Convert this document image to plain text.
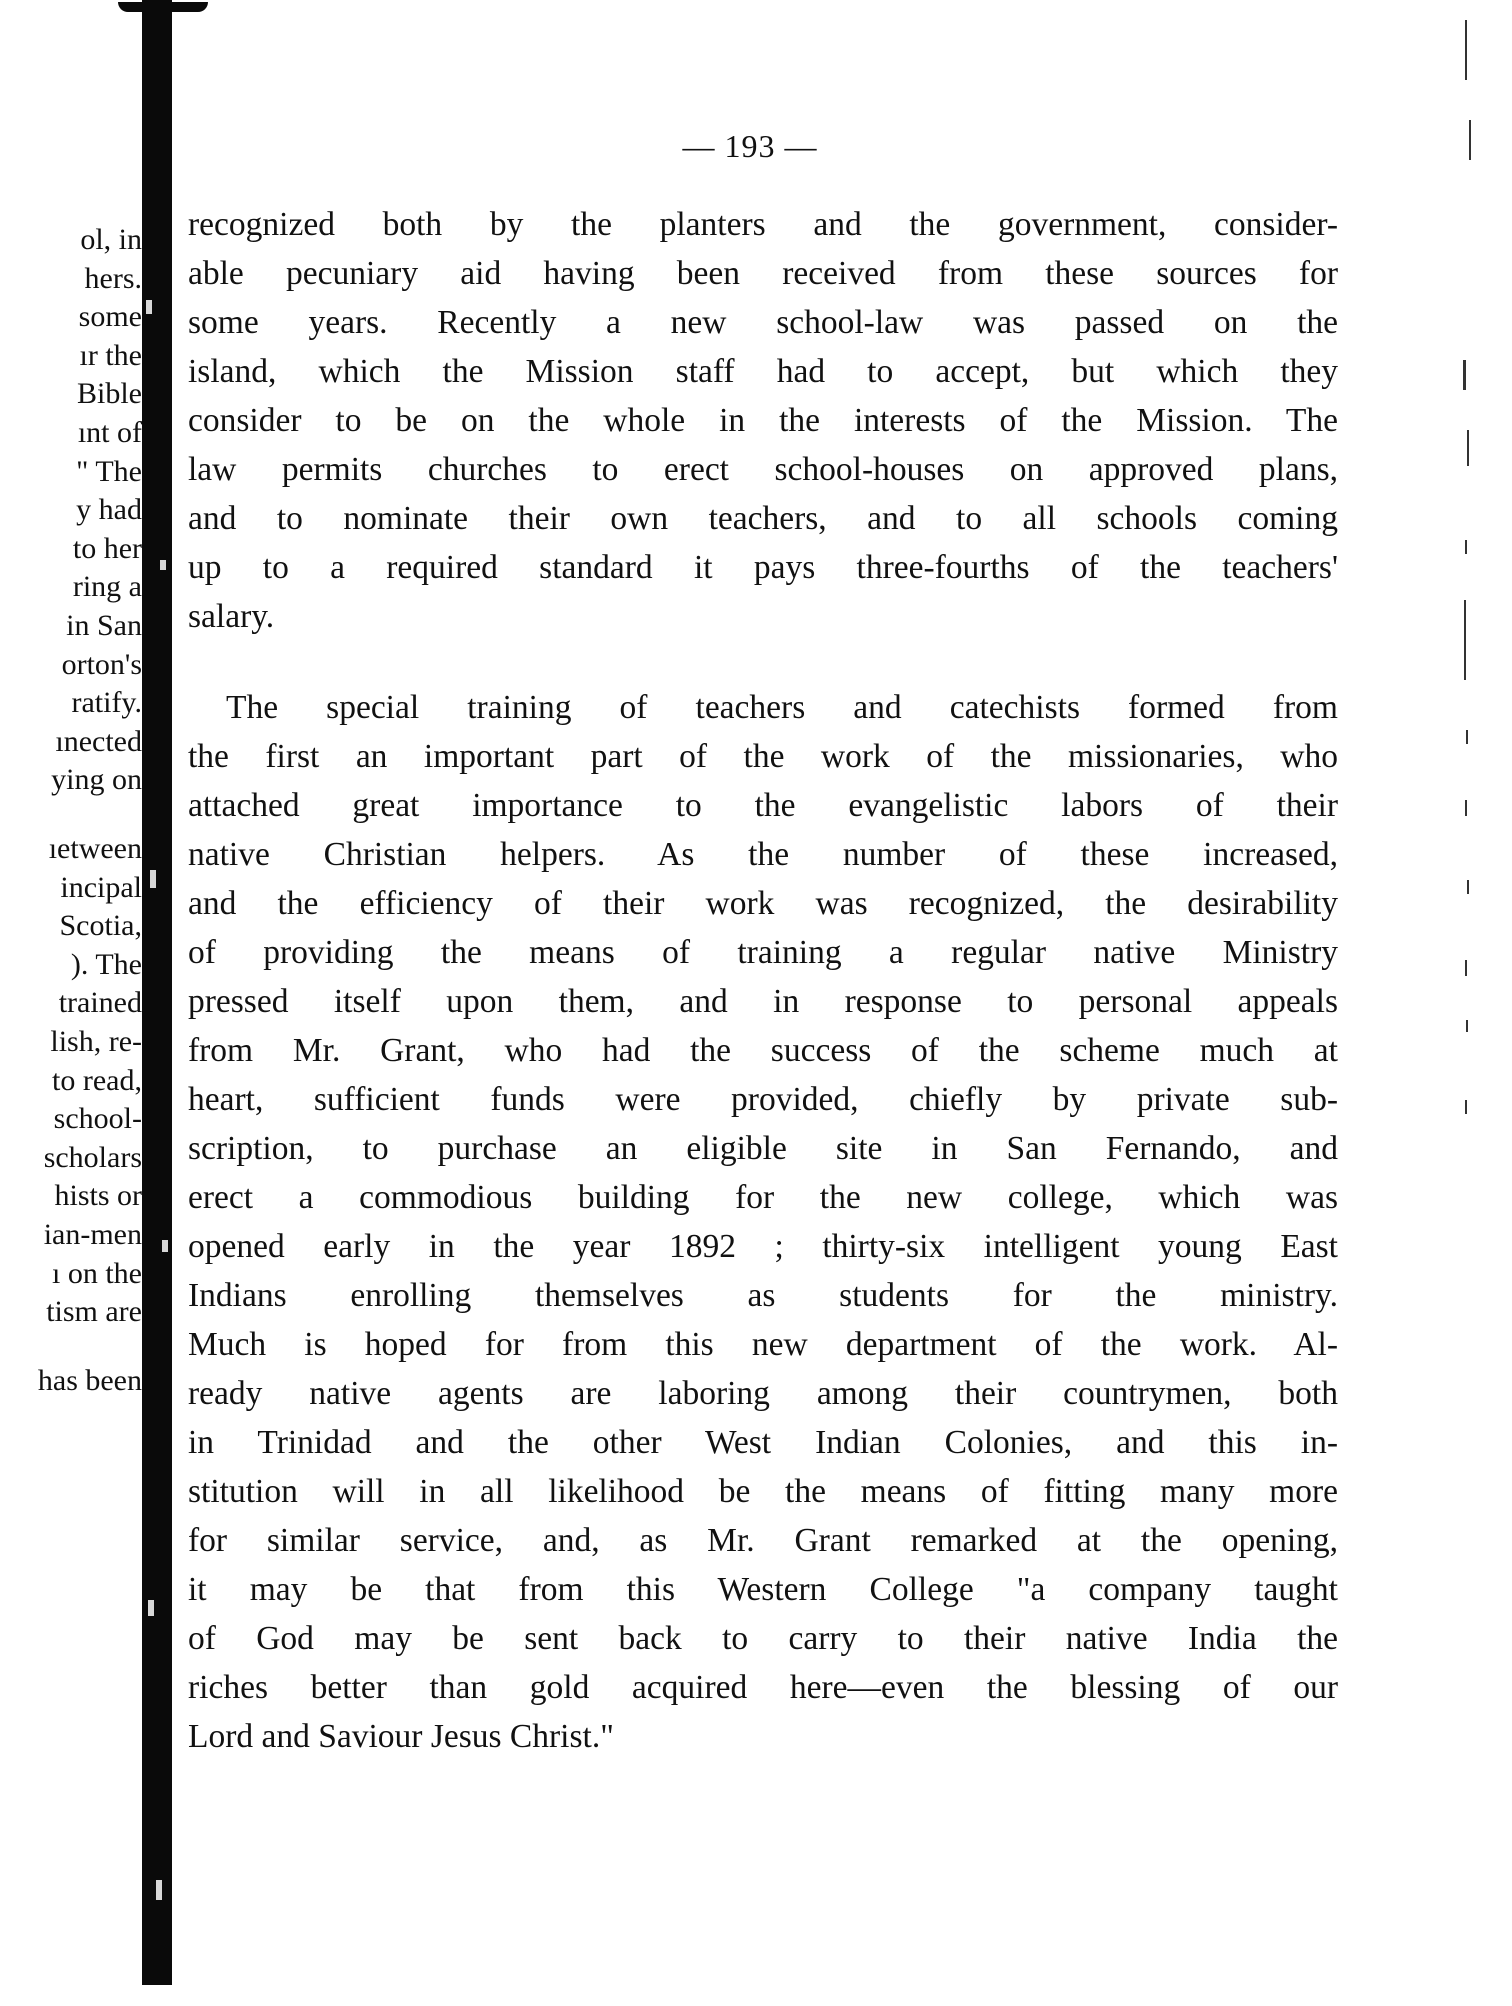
ol, in
hers.
some
ır the
Bible
ınt of
" The
y had
to her
ring a
in San
orton's
ratify.
ınected
ying on
ıetween
incipal
Scotia,
). The
trained
lish, re-
to read,
school-
scholars
hists or
ian-men
ı on the
tism are
has been
— 193 —
recognized both by the planters and the government, consider-
able pecuniary aid having been received from these sources for
some years. Recently a new school-law was passed on the
island, which the Mission staff had to accept, but which they
consider to be on the whole in the interests of the Mission. The
law permits churches to erect school-houses on approved plans,
and to nominate their own teachers, and to all schools coming
up to a required standard it pays three-fourths of the teachers'
salary.
The special training of teachers and catechists formed from
the first an important part of the work of the missionaries, who
attached great importance to the evangelistic labors of their
native Christian helpers. As the number of these increased,
and the efficiency of their work was recognized, the desirability
of providing the means of training a regular native Ministry
pressed itself upon them, and in response to personal appeals
from Mr. Grant, who had the success of the scheme much at
heart, sufficient funds were provided, chiefly by private sub-
scription, to purchase an eligible site in San Fernando, and
erect a commodious building for the new college, which was
opened early in the year 1892 ; thirty-six intelligent young East
Indians enrolling themselves as students for the ministry.
Much is hoped for from this new department of the work. Al-
ready native agents are laboring among their countrymen, both
in Trinidad and the other West Indian Colonies, and this in-
stitution will in all likelihood be the means of fitting many more
for similar service, and, as Mr. Grant remarked at the opening,
it may be that from this Western College "a company taught
of God may be sent back to carry to their native India the
riches better than gold acquired here—even the blessing of our
Lord and Saviour Jesus Christ."
